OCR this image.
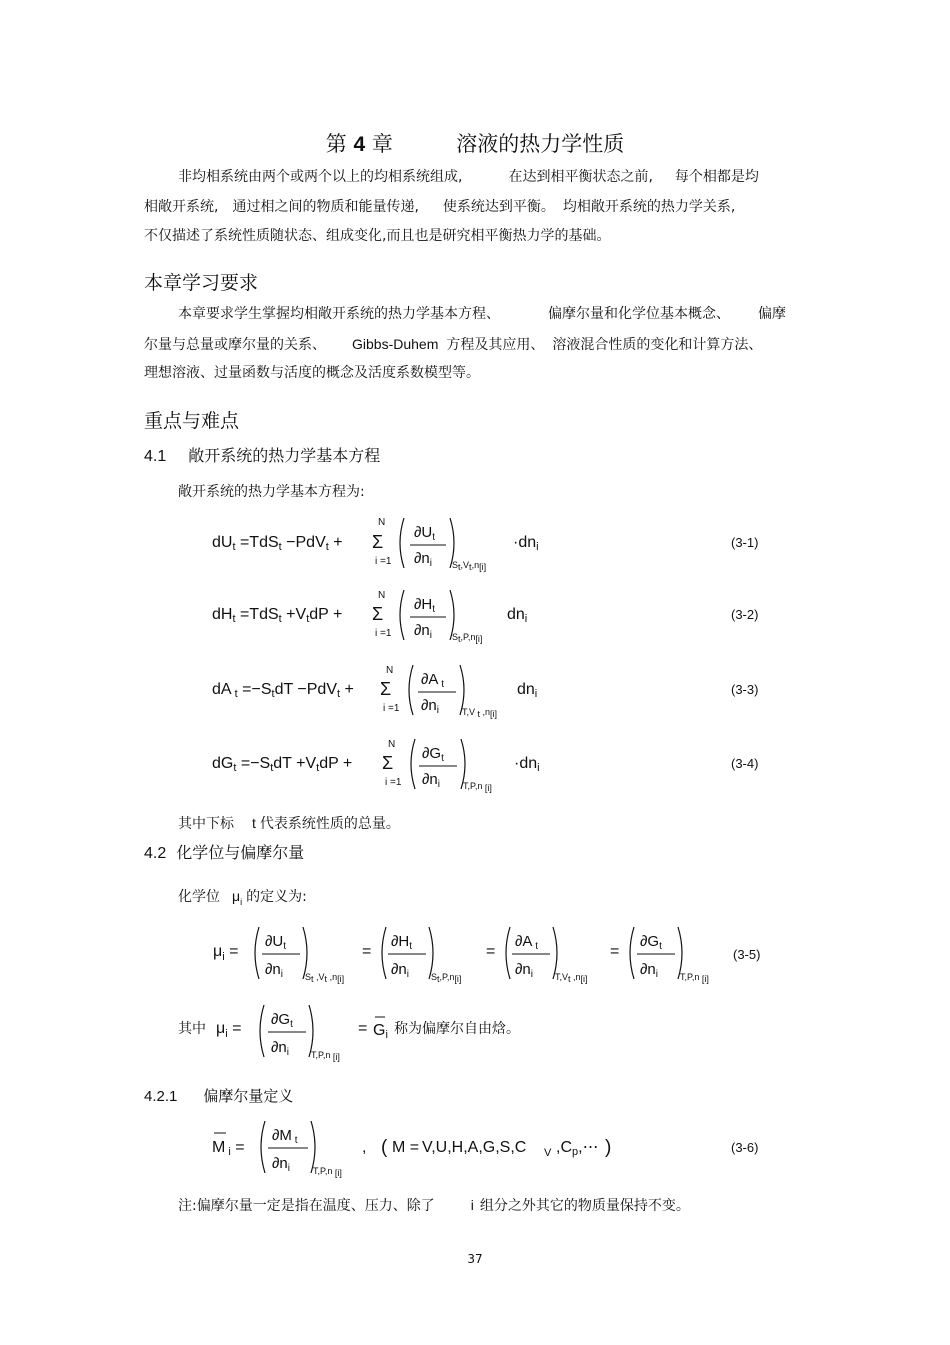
第 4 章	溶液的热力学性质
非均相系统由两个或两个以上的均相系统组成,	在达到相平衡状态之前, 每个相都是均
相敞开系统, 通过相之间的物质和能量传递, 使系统达到平衡。 均相敞开系统的热力学关系,
不仅描述了系统性质随状态、组成变化,而且也是研究相平衡热力学的基础。
本章学习要求
本章要求学生掌握均相敞开系统的热力学基本方程、	偏摩尔量和化学位基本概念、 偏摩
尔量与总量或摩尔量的关系、 Gibbs-Duhem 方程及其应用、 溶液混合性质的变化和计算方法、
理想溶液、过量函数与活度的概念及活度系数模型等。
重点与难点
4.1 敞开系统的热力学基本方程
敞开系统的热力学基本方程为:
dUt =TdSt −PdVt +
N
Σ
i =1
$\partial U_t$
$\partial n_i$ St,Vt,n[i]
·dni	(3-1)
dHt =TdSt +VtdP +
N
Σ
i =1
$\partial H_t$
$\partial n_i$ St,P,n[i]
dni	(3-2)
dA t =−StdT −PdVt +
N
Σ
i =1
∂A $_t$
$\partial n_i$	T,V t ,n[i]
dni	(3-3)
dGt =−StdT +VtdP +
N
Σ
i =1
$\partial G_t$
$\partial n_i$	T,P,n [i]
·dni	(3-4)
其中下标 t 代表系统性质的总量。
4.2 化学位与偏摩尔量
化学位 $\mu_i$ 的定义为:
$\mu_i$ =
$\partial U_t$
$\partial n_i$ St ,Vt ,n[i]
=
$\partial H_t$
$\partial n_i$ St,P,n[i]
=
∂A $_t$
$\partial n_i$ T,Vt ,n[i]
=
$\partial G_t$
$\partial n_i$ T,P,n [i]
(3-5)
$\mu_i$ =
$\partial G_t$
$\partial n_i$ T,P,n [i]
= Gi
其中	称为偏摩尔自由焓。
4.2.1 偏摩尔量定义
M i =
∂M $_t$
$\partial n_i$	T,P,n [i]
, ( M = V,U,H,A,G,S,C V ,Cp,⋯ )	(3-6)
注:偏摩尔量一定是指在温度、压力、除了	i 组分之外其它的物质量保持不变。
37
